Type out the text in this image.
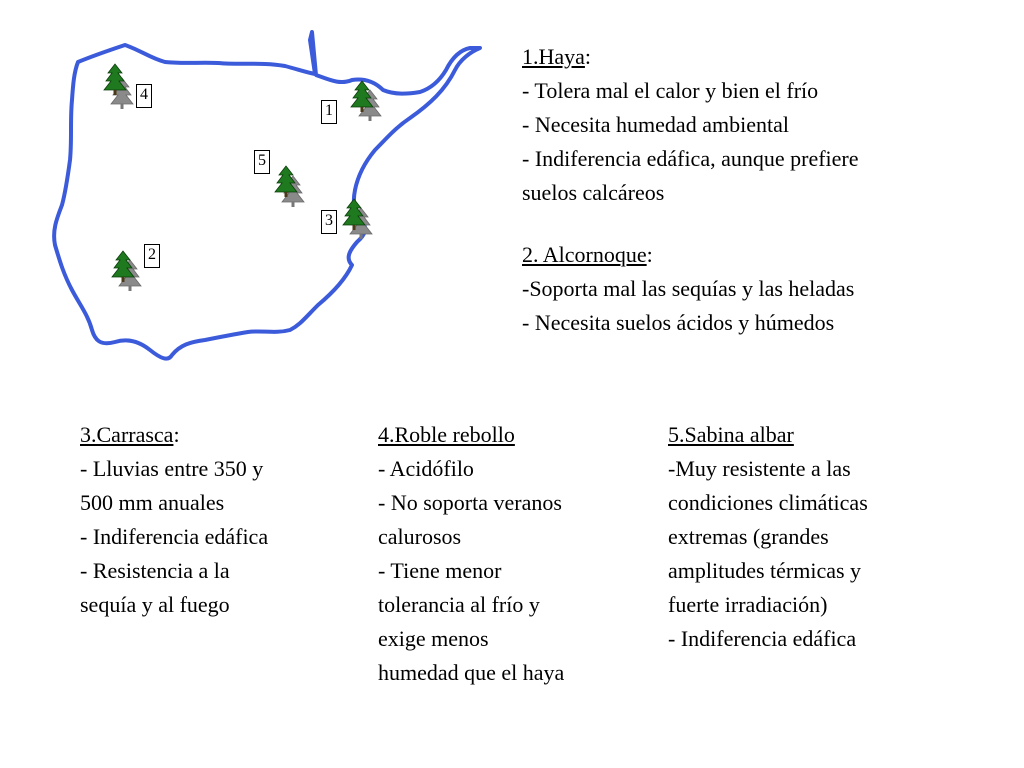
4
1
5
3
2
1.Haya:
- Tolera mal el calor y bien el frío
- Necesita humedad ambiental
- Indiferencia edáfica, aunque prefiere
suelos calcáreos
2. Alcornoque:
-Soporta mal las sequías y las heladas
- Necesita suelos ácidos y húmedos
3.Carrasca:
- Lluvias entre 350 y
500 mm anuales
- Indiferencia edáfica
- Resistencia a la
sequía y al fuego
4.Roble rebollo
- Acidófilo
- No soporta veranos
calurosos
- Tiene menor
tolerancia al frío y
exige menos
humedad que el haya
5.Sabina albar
-Muy resistente a las
condiciones climáticas
extremas (grandes
amplitudes térmicas y
fuerte irradiación)
- Indiferencia edáfica
